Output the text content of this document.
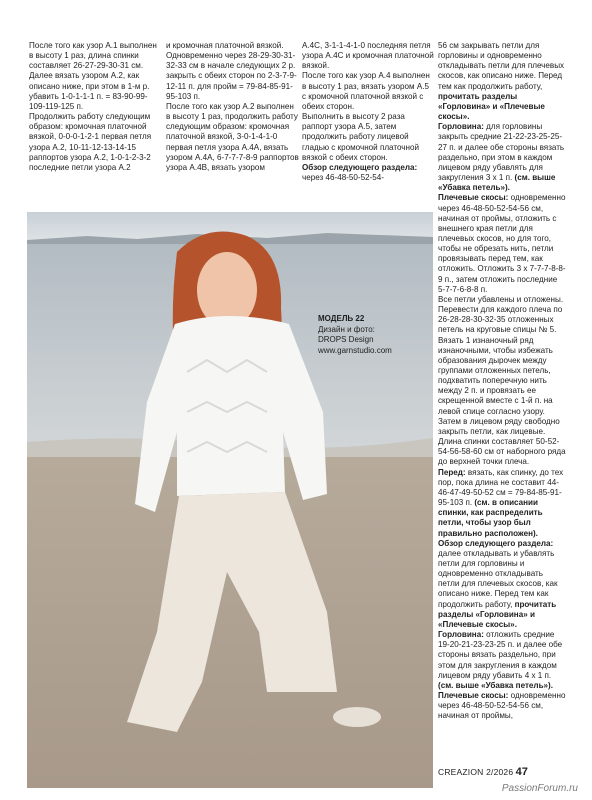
После того как узор А.1 выполнен в высоту 1 раз, длина спинки составляет 26-27-29-30-31 см.

Далее вязать узором А.2, как описано ниже, при этом в 1-м р. убавить 1-0-1-1-1 п. = 83-90-99-109-119-125 п.

Продолжить работу следующим образом: кромочная платочной вязкой, 0-0-0-1-2-1 первая петля узора А.2, 10-11-12-13-14-15 раппортов узора А.2, 1-0-1-2-3-2 последние петли узора А.2

и кромочная платочной вязкой.

Одновременно через 28-29-30-31-32-33 см в начале следующих 2 р. закрыть с обеих сторон по 2-3-7-9-12-11 п. для пройм = 79-84-85-91-95-103 п.

После того как узор А.2 выполнен в высоту 1 раз, продолжить работу следующим образом: кромочная платочной вязкой, 3-0-1-4-1-0 первая петля узора А.4А, вязать узором А.4А, 6-7-7-7-8-9 раппортов узора А.4В, вязать узором

А.4С, 3-1-1-4-1-0 последняя петля узора А.4С и кромочная платочной вязкой.

После того как узор А.4 выполнен в высоту 1 раз, вязать узором А.5 с кромочной платочной вязкой с обеих сторон.

Выполнить в высоту 2 раза раппорт узора А.5, затем продолжить работу лицевой гладью с кромочной платочной вязкой с обеих сторон.

Обзор следующего раздела: через 46-48-50-52-54-

56 см закрывать петли для горловины и одновременно откладывать петли для плечевых скосов, как описано ниже. Перед тем как продолжить работу, прочитать разделы «Горловина» и «Плечевые скосы».

Горловина: для горловины закрыть средние 21-22-23-25-25-27 п. и далее обе стороны вязать раздельно, при этом в каждом лицевом ряду убавлять для закругления 3 х 1 п. (см. выше «Убавка петель»).

Плечевые скосы: одновременно через 46-48-50-52-54-56 см, начиная от проймы, отложить с внешнего края петли для плечевых скосов, но для того, чтобы не обрезать нить, петли провязывать перед тем, как отложить. Отложить 3 х 7-7-7-8-8-9 п., затем отложить последние 5-7-7-6-8-8 п.

Все петли убавлены и отложены.

Перевести для каждого плеча по 26-28-28-30-32-35 отложенных петель на круговые спицы № 5.

Вязать 1 изнаночный ряд изнаночными, чтобы избежать образования дырочек между группами отложенных петель, подхватить поперечную нить между 2 п. и провязать ее скрещенной вместе с 1-й п. на левой спице согласно узору. Затем в лицевом ряду свободно закрыть петли, как лицевые. Длина спинки составляет 50-52-54-56-58-60 см от наборного ряда до верхней точки плеча.

Перед: вязать, как спинку, до тех пор, пока длина не составит 44-46-47-49-50-52 см = 79-84-85-91-95-103 п. (см. в описании спинки, как распределить петли, чтобы узор был правильно расположен).

Обзор следующего раздела: далее откладывать и убавлять петли для горловины и одновременно откладывать петли для плечевых скосов, как описано ниже. Перед тем как продолжить работу, прочитать разделы «Горловина» и «Плечевые скосы».

Горловина: отложить средние 19-20-21-23-23-25 п. и далее обе стороны вязать раздельно, при этом для закругления в каждом лицевом ряду убавить 4 х 1 п. (см. выше «Убавка петель»).

Плечевые скосы: одновременно через 46-48-50-52-54-56 см, начиная от проймы,

МОДЕЛЬ 22
Дизайн и фото:
DROPS Design
www.garnstudio.com
CREAZION 2/2026 47
PassionForum.ru
